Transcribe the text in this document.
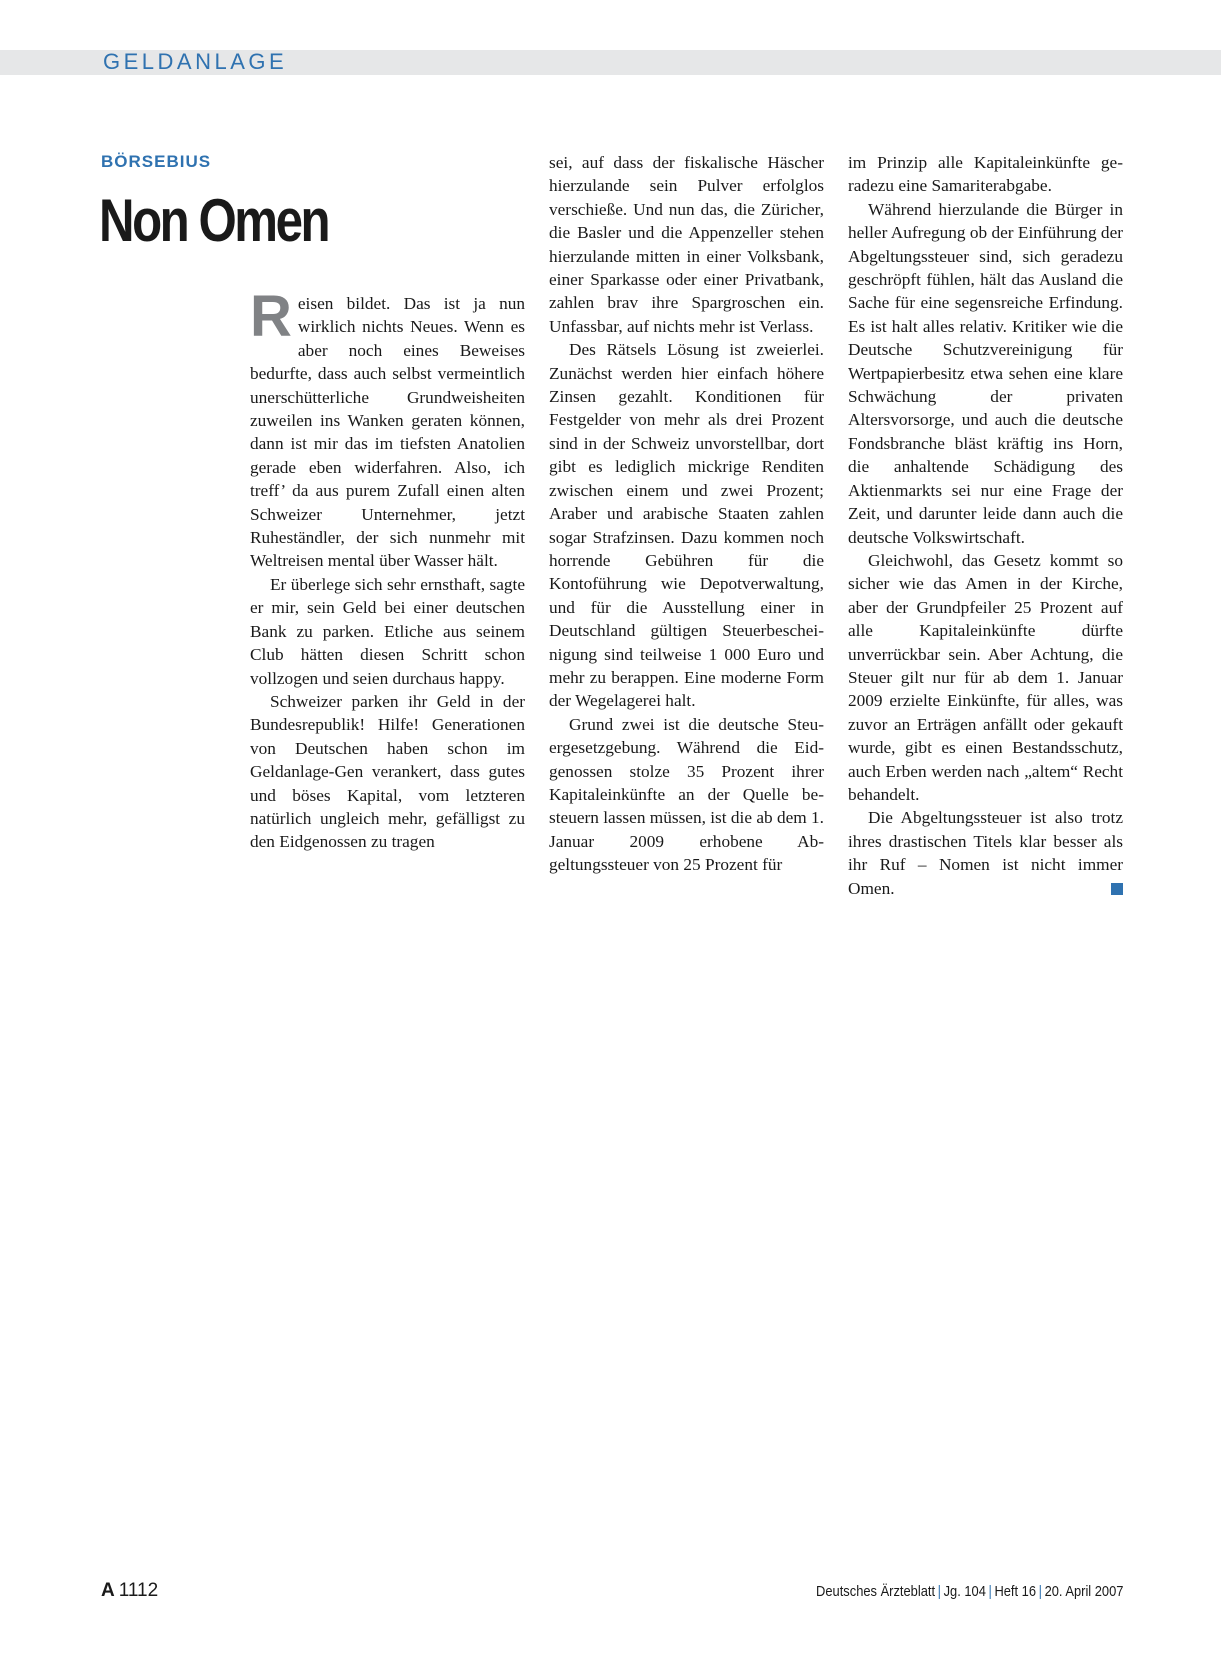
GELDANLAGE
BÖRSEBIUS
Non Omen

Reisen bildet. Das ist ja nun wirklich nichts Neues. Wenn es aber noch eines Beweises bedurfte, dass auch selbst vermeintlich unerschütterliche Grundweisheiten zuweilen ins Wanken geraten können, dann ist mir das im tiefsten Anatolien gerade eben widerfahren. Also, ich treff’ da aus purem Zufall einen alten Schweizer Unternehmer, jetzt Ruheständler, der sich nunmehr mit Weltreisen mental über Wasser hält.

Er überlege sich sehr ernsthaft, sagte er mir, sein Geld bei einer deutschen Bank zu parken. Etliche aus seinem Club hätten diesen Schritt schon vollzogen und seien durchaus happy.

Schweizer parken ihr Geld in der Bundesrepublik! Hilfe! Generationen von Deutschen haben schon im Geldanlage-Gen verankert, dass gutes und böses Kapital, vom letzteren natürlich ungleich mehr, gefälligst zu den Eidgenossen zu tragen

sei, auf dass der fiskalische Häscher hierzulande sein Pulver erfolglos verschieße. Und nun das, die Züricher, die Basler und die Appenzeller stehen hierzulande mitten in einer Volksbank, einer Sparkasse oder einer Privatbank, zahlen brav ihre Spargroschen ein. Unfassbar, auf nichts mehr ist Verlass.

Des Rätsels Lösung ist zweierlei. Zunächst werden hier einfach höhere Zinsen gezahlt. Konditionen für Festgelder von mehr als drei Prozent sind in der Schweiz unvorstellbar, dort gibt es lediglich mickrige Renditen zwischen einem und zwei Prozent; Araber und arabische Staaten zahlen sogar Strafzinsen. Dazu kommen noch horrende Gebühren für die Kontoführung wie Depotverwaltung, und für die Ausstellung einer in Deutschland gültigen Steuerbescheinigung sind teilweise 1 000 Euro und mehr zu berappen. Eine moderne Form der Wegelagerei halt.

Grund zwei ist die deutsche Steuergesetzgebung. Während die Eidgenossen stolze 35 Prozent ihrer Kapitaleinkünfte an der Quelle besteuern lassen müssen, ist die ab dem 1. Januar 2009 erhobene Abgeltungssteuer von 25 Prozent für

im Prinzip alle Kapitaleinkünfte geradezu eine Samariterabgabe.

Während hierzulande die Bürger in heller Aufregung ob der Einführung der Abgeltungssteuer sind, sich geradezu geschröpft fühlen, hält das Ausland die Sache für eine segensreiche Erfindung. Es ist halt alles relativ. Kritiker wie die Deutsche Schutzvereinigung für Wertpapierbesitz etwa sehen eine klare Schwächung der privaten Altersvorsorge, und auch die deutsche Fondsbranche bläst kräftig ins Horn, die anhaltende Schädigung des Aktienmarkts sei nur eine Frage der Zeit, und darunter leide dann auch die deutsche Volkswirtschaft.

Gleichwohl, das Gesetz kommt so sicher wie das Amen in der Kirche, aber der Grundpfeiler 25 Prozent auf alle Kapitaleinkünfte dürfte unverrückbar sein. Aber Achtung, die Steuer gilt nur für ab dem 1. Januar 2009 erzielte Einkünfte, für alles, was zuvor an Erträgen anfällt oder gekauft wurde, gibt es einen Bestandsschutz, auch Erben werden nach „altem“ Recht behandelt.

Die Abgeltungssteuer ist also trotz ihres drastischen Titels klar besser als ihr Ruf – Nomen ist nicht immer Omen.

A 1112	Deutsches Ärzteblatt | Jg. 104 | Heft 16 | 20. April 2007
